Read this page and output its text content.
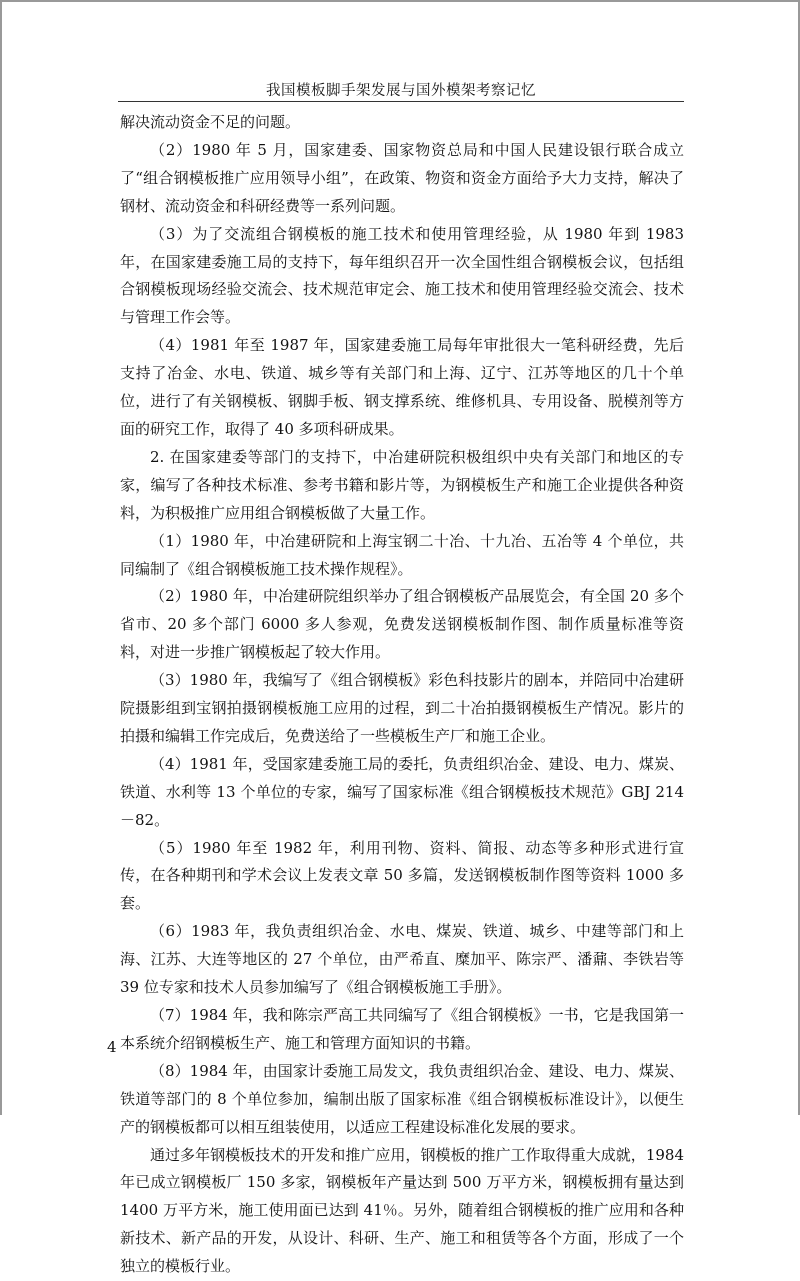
我国模板脚手架发展与国外模架考察记忆

解决流动资金不足的问题。

（2）1980 年 5 月，国家建委、国家物资总局和中国人民建设银行联合成立了“组合钢模板推广应用领导小组”，在政策、物资和资金方面给予大力支持，解决了钢材、流动资金和科研经费等一系列问题。

（3）为了交流组合钢模板的施工技术和使用管理经验，从 1980 年到 1983 年，在国家建委施工局的支持下，每年组织召开一次全国性组合钢模板会议，包括组合钢模板现场经验交流会、技术规范审定会、施工技术和使用管理经验交流会、技术与管理工作会等。

（4）1981 年至 1987 年，国家建委施工局每年审批很大一笔科研经费，先后支持了冶金、水电、铁道、城乡等有关部门和上海、辽宁、江苏等地区的几十个单位，进行了有关钢模板、钢脚手板、钢支撑系统、维修机具、专用设备、脱模剂等方面的研究工作，取得了 40 多项科研成果。

2. 在国家建委等部门的支持下，中冶建研院积极组织中央有关部门和地区的专家，编写了各种技术标准、参考书籍和影片等，为钢模板生产和施工企业提供各种资料，为积极推广应用组合钢模板做了大量工作。

（1）1980 年，中冶建研院和上海宝钢二十冶、十九冶、五冶等 4 个单位，共同编制了《组合钢模板施工技术操作规程》。

（2）1980 年，中冶建研院组织举办了组合钢模板产品展览会，有全国 20 多个省市、20 多个部门 6000 多人参观，免费发送钢模板制作图、制作质量标准等资料，对进一步推广钢模板起了较大作用。

（3）1980 年，我编写了《组合钢模板》彩色科技影片的剧本，并陪同中冶建研院摄影组到宝钢拍摄钢模板施工应用的过程，到二十冶拍摄钢模板生产情况。影片的拍摄和编辑工作完成后，免费送给了一些模板生产厂和施工企业。

（4）1981 年，受国家建委施工局的委托，负责组织冶金、建设、电力、煤炭、铁道、水利等 13 个单位的专家，编写了国家标准《组合钢模板技术规范》GBJ 214－82。

（5）1980 年至 1982 年，利用刊物、资料、简报、动态等多种形式进行宣传，在各种期刊和学术会议上发表文章 50 多篇，发送钢模板制作图等资料 1000 多套。

（6）1983 年，我负责组织冶金、水电、煤炭、铁道、城乡、中建等部门和上海、江苏、大连等地区的 27 个单位，由严希直、糜加平、陈宗严、潘鼐、李铁岩等 39 位专家和技术人员参加编写了《组合钢模板施工手册》。

（7）1984 年，我和陈宗严高工共同编写了《组合钢模板》一书，它是我国第一本系统介绍钢模板生产、施工和管理方面知识的书籍。

（8）1984 年，由国家计委施工局发文，我负责组织冶金、建设、电力、煤炭、铁道等部门的 8 个单位参加，编制出版了国家标准《组合钢模板标准设计》，以便生产的钢模板都可以相互组装使用，以适应工程建设标准化发展的要求。

通过多年钢模板技术的开发和推广应用，钢模板的推广工作取得重大成就，1984 年已成立钢模板厂 150 多家，钢模板年产量达到 500 万平方米，钢模板拥有量达到 1400 万平方米，施工使用面已达到 41％。另外，随着组合钢模板的推广应用和各种新技术、新产品的开发，从设计、科研、生产、施工和租赁等各个方面，形成了一个独立的模板行业。

4
